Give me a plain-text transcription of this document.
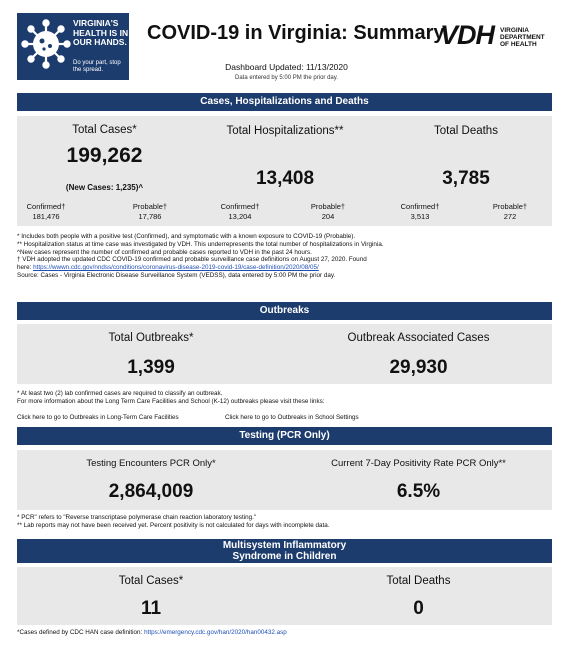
VIRGINIA'S HEALTH IS IN OUR HANDS.
Do your part, stop the spread.
COVID-19 in Virginia: Summary
VDH VIRGINIA DEPARTMENT OF HEALTH
Dashboard Updated: 11/13/2020
Data entered by 5:00 PM the prior day.
Cases, Hospitalizations and Deaths
Total Cases*
199,262
(New Cases: 1,235)^
Total Hospitalizations**
13,408
Total Deaths
3,785
Confirmed†
181,476
Probable†
17,786
Confirmed†
13,204
Probable†
204
Confirmed†
3,513
Probable†
272
* Includes both people with a positive test (Confirmed), and symptomatic with a known exposure to COVID-19 (Probable).
** Hospitalization status at time case was investigated by VDH. This underrepresents the total number of hospitalizations in Virginia.
^New cases represent the number of confirmed and probable cases reported to VDH in the past 24 hours.
† VDH adopted the updated CDC COVID-19 confirmed and probable surveillance case definitions on August 27, 2020. Found
here: https://wwwn.cdc.gov/nndss/conditions/coronavirus-disease-2019-covid-19/case-definition/2020/08/05/
Source: Cases - Virginia Electronic Disease Surveillance System (VEDSS), data entered by 5:00 PM the prior day.
Outbreaks
Total Outbreaks*
1,399
Outbreak Associated Cases
29,930
* At least two (2) lab confirmed cases are required to classify an outbreak.
For more information about the Long Term Care Facilities and School (K-12) outbreaks please visit these links:
Click here to go to Outbreaks in Long-Term Care Facilities	Click here to go to Outbreaks in School Settings
Testing (PCR Only)
Testing Encounters PCR Only*
2,864,009
Current 7-Day Positivity Rate PCR Only**
6.5%
* PCR" refers to "Reverse transcriptase polymerase chain reaction laboratory testing."
** Lab reports may not have been received yet. Percent positivity is not calculated for days with incomplete data.
Multisystem Inflammatory
Syndrome in Children
Total Cases*
11
Total Deaths
0
*Cases defined by CDC HAN case definition: https://emergency.cdc.gov/han/2020/han00432.asp
